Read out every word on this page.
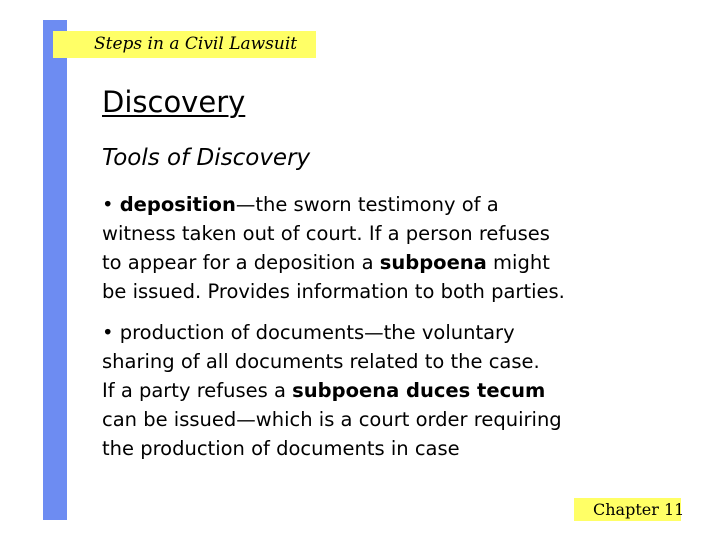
Steps in a Civil Lawsuit
Discovery
Tools of Discovery

• deposition—the sworn testimony of a
witness taken out of court. If a person refuses
to appear for a deposition a subpoena might
be issued. Provides information to both parties.

• production of documents—the voluntary
sharing of all documents related to the case.
If a party refuses a subpoena duces tecum
can be issued—which is a court order requiring
the production of documents in case

Chapter 11
